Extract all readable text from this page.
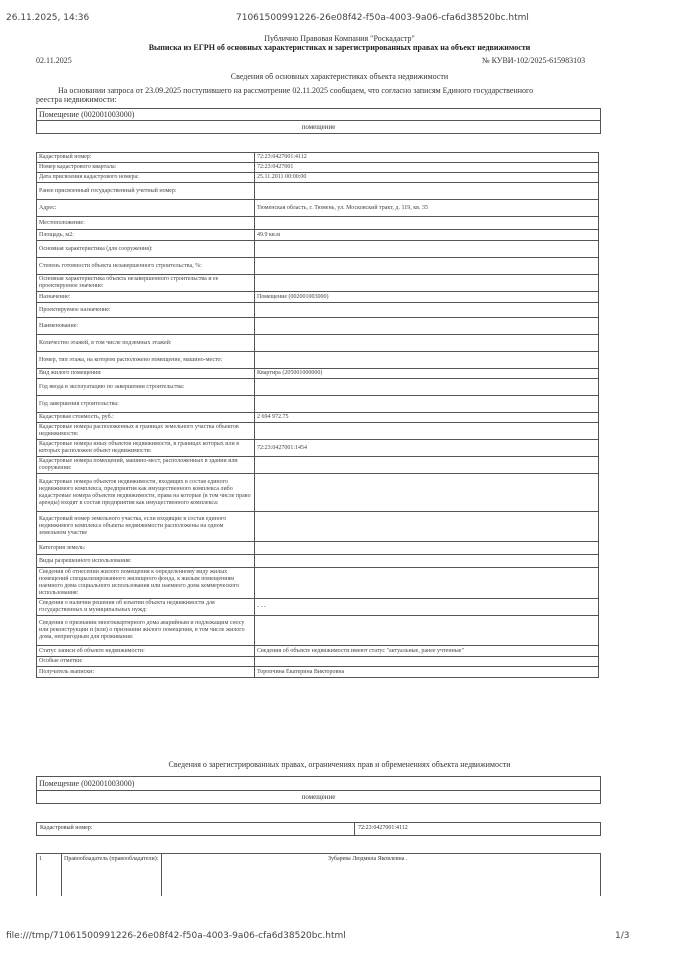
26.11.2025, 14:36	71061500991226-26e08f42-f50a-4003-9a06-cfa6d38520bc.html
Публично Правовая Компания "Роскадастр"
Выписка из ЕГРН об основных характеристиках и зарегистрированных правах на объект недвижимости
02.11.2025	№ КУВИ-102/2025-615983103
Сведения об основных характеристиках объекта недвижимости
На основании запроса от 23.09.2025 поступившего на рассмотрение 02.11.2025 сообщаем, что согласно записям Единого государственного
реестра недвижимости:
Помещение (002001003000)
помещение
Кадастровый номер:	72:23:0427001:4112
Номер кадастрового квартала:	72:23:0427001
Дата присвоения кадастрового номера:	25.11.2011 00:00:00
Ранее присвоенный государственный учетный номер:	
Адрес:	Тюменская область, г. Тюмень, ул. Московский тракт, д. 119, кв. 35
Местоположение:	
Площадь, м2:	49.9 кв.м
Основная характеристика (для сооружения):	
Степень готовности объекта незавершенного строительства, %:	
Основная характеристика объекта незавершенного строительства и ее проектируемое значение:	
Назначение:	Помещение (002001003000)
Проектируемое назначение:	
Наименование:	
Количество этажей, в том числе подземных этажей:	
Номер, тип этажа, на котором расположено помещение, машино-место:	
Вид жилого помещения:	Квартира (205001000000)
Год ввода в эксплуатацию по завершении строительства:	
Год завершения строительства:	
Кадастровая стоимость, руб.:	2 694 972.75
Кадастровые номера расположенных в границах земельного участка объектов недвижимости:	
Кадастровые номера иных объектов недвижимости, в границах которых или в которых расположен объект недвижимости:	72:23:0427001:1454
Кадастровые номера помещений, машино-мест, расположенных в здании или сооружении:	
Кадастровые номера объектов недвижимости, входящих в состав единого недвижимого комплекса, предприятия как имущественного комплекса либо кадастровые номера объектов недвижимости, права на которые (в том числе право аренды) входят в состав предприятия как имущественного комплекса:	
Кадастровый номер земельного участка, если входящие в состав единого недвижимого комплекса объекты недвижимости расположены на одном земельном участке	
Категория земель:	
Виды разрешенного использования:	
Сведения об отнесении жилого помещения к определенному виду жилых помещений специализированного жилищного фонда, к жилым помещениям наемного дома социального использования или наемного дома коммерческого использования:	
Сведения о наличии решения об изъятии объекта недвижимости для государственных и муниципальных нужд:	- - -
Сведения о признании многоквартирного дома аварийным и подлежащим сносу или реконструкции и (или) о признании жилого помещения, в том числе жилого дома, непригодным для проживания:	
Статус записи об объекте недвижимости:	Сведения об объекте недвижимости имеют статус "актуальные, ранее учтенные"
Особые отметки:	
Получатель выписки:	Торопчина Екатерина Викторовна
Сведения о зарегистрированных правах, ограничениях прав и обременениях объекта недвижимости
Помещение (002001003000)
помещение
Кадастровый номер:	72:23:0427001:4112
1	Правообладатель (правообладатели):	Зубарева Людмила Яковлевна .
file:///tmp/71061500991226-26e08f42-f50a-4003-9a06-cfa6d38520bc.html	1/3
